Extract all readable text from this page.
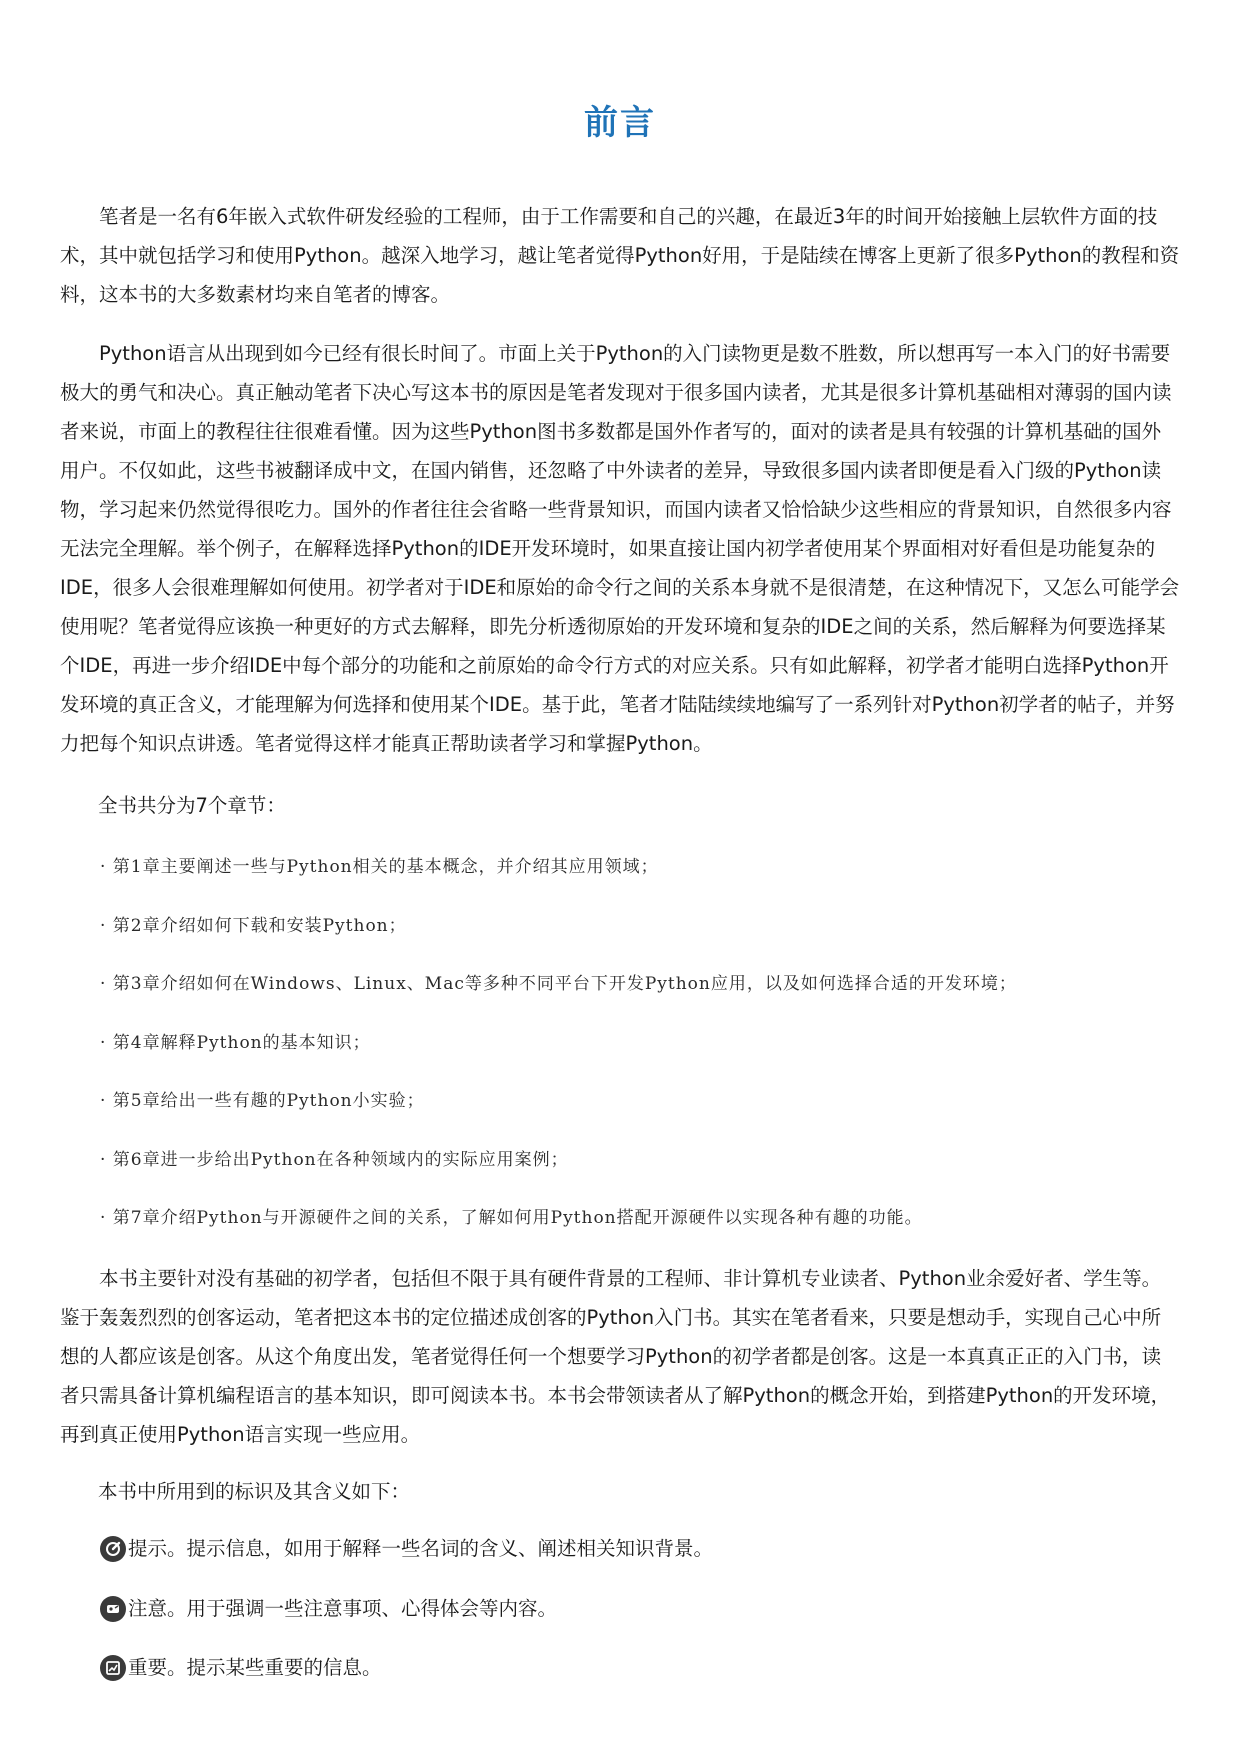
前言

笔者是一名有6年嵌入式软件研发经验的工程师，由于工作需要和自己的兴趣，在最近3年的时间开始接触上层软件方面的技术，其中就包括学习和使用Python。越深入地学习，越让笔者觉得Python好用，于是陆续在博客上更新了很多Python的教程和资料，这本书的大多数素材均来自笔者的博客。

Python语言从出现到如今已经有很长时间了。市面上关于Python的入门读物更是数不胜数，所以想再写一本入门的好书需要极大的勇气和决心。真正触动笔者下决心写这本书的原因是笔者发现对于很多国内读者，尤其是很多计算机基础相对薄弱的国内读者来说，市面上的教程往往很难看懂。因为这些Python图书多数都是国外作者写的，面对的读者是具有较强的计算机基础的国外用户。不仅如此，这些书被翻译成中文，在国内销售，还忽略了中外读者的差异，导致很多国内读者即便是看入门级的Python读物，学习起来仍然觉得很吃力。国外的作者往往会省略一些背景知识，而国内读者又恰恰缺少这些相应的背景知识，自然很多内容无法完全理解。举个例子，在解释选择Python的IDE开发环境时，如果直接让国内初学者使用某个界面相对好看但是功能复杂的IDE，很多人会很难理解如何使用。初学者对于IDE和原始的命令行之间的关系本身就不是很清楚，在这种情况下，又怎么可能学会使用呢？笔者觉得应该换一种更好的方式去解释，即先分析透彻原始的开发环境和复杂的IDE之间的关系，然后解释为何要选择某个IDE，再进一步介绍IDE中每个部分的功能和之前原始的命令行方式的对应关系。只有如此解释，初学者才能明白选择Python开发环境的真正含义，才能理解为何选择和使用某个IDE。基于此，笔者才陆陆续续地编写了一系列针对Python初学者的帖子，并努力把每个知识点讲透。笔者觉得这样才能真正帮助读者学习和掌握Python。

全书共分为7个章节：

· 第1章主要阐述一些与Python相关的基本概念，并介绍其应用领域；
· 第2章介绍如何下载和安装Python；
· 第3章介绍如何在Windows、Linux、Mac等多种不同平台下开发Python应用，以及如何选择合适的开发环境；
· 第4章解释Python的基本知识；
· 第5章给出一些有趣的Python小实验；
· 第6章进一步给出Python在各种领域内的实际应用案例；
· 第7章介绍Python与开源硬件之间的关系，了解如何用Python搭配开源硬件以实现各种有趣的功能。

本书主要针对没有基础的初学者，包括但不限于具有硬件背景的工程师、非计算机专业读者、Python业余爱好者、学生等。鉴于轰轰烈烈的创客运动，笔者把这本书的定位描述成创客的Python入门书。其实在笔者看来，只要是想动手，实现自己心中所想的人都应该是创客。从这个角度出发，笔者觉得任何一个想要学习Python的初学者都是创客。这是一本真真正正的入门书，读者只需具备计算机编程语言的基本知识，即可阅读本书。本书会带领读者从了解Python的概念开始，到搭建Python的开发环境，再到真正使用Python语言实现一些应用。

本书中所用到的标识及其含义如下：

提示。提示信息，如用于解释一些名词的含义、阐述相关知识背景。
注意。用于强调一些注意事项、心得体会等内容。
重要。提示某些重要的信息。
